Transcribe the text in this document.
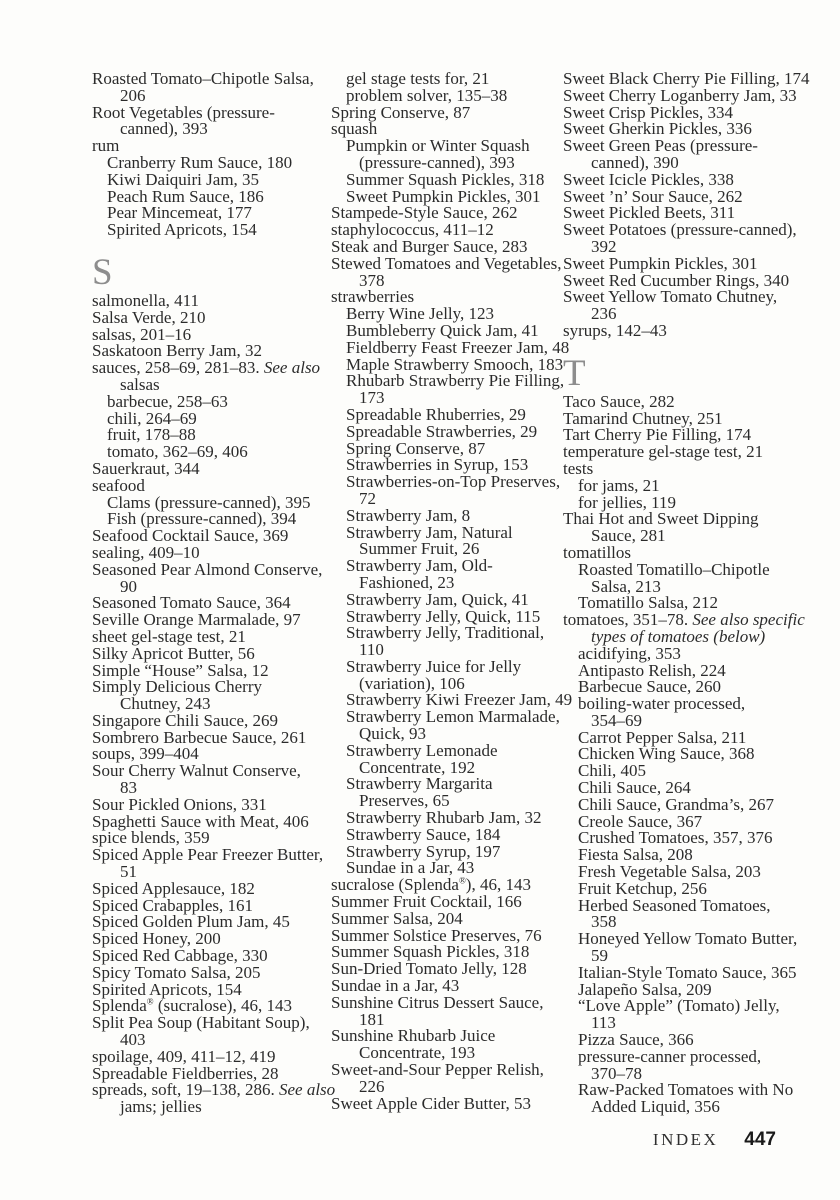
Roasted Tomato–Chipotle Salsa,
206
Root Vegetables (pressure-
canned), 393
rum
Cranberry Rum Sauce, 180
Kiwi Daiquiri Jam, 35
Peach Rum Sauce, 186
Pear Mincemeat, 177
Spirited Apricots, 154
S
salmonella, 411
Salsa Verde, 210
salsas, 201–16
Saskatoon Berry Jam, 32
sauces, 258–69, 281–83. See also
salsas
barbecue, 258–63
chili, 264–69
fruit, 178–88
tomato, 362–69, 406
Sauerkraut, 344
seafood
Clams (pressure-canned), 395
Fish (pressure-canned), 394
Seafood Cocktail Sauce, 369
sealing, 409–10
Seasoned Pear Almond Conserve,
90
Seasoned Tomato Sauce, 364
Seville Orange Marmalade, 97
sheet gel-stage test, 21
Silky Apricot Butter, 56
Simple “House” Salsa, 12
Simply Delicious Cherry
Chutney, 243
Singapore Chili Sauce, 269
Sombrero Barbecue Sauce, 261
soups, 399–404
Sour Cherry Walnut Conserve,
83
Sour Pickled Onions, 331
Spaghetti Sauce with Meat, 406
spice blends, 359
Spiced Apple Pear Freezer Butter,
51
Spiced Applesauce, 182
Spiced Crabapples, 161
Spiced Golden Plum Jam, 45
Spiced Honey, 200
Spiced Red Cabbage, 330
Spicy Tomato Salsa, 205
Spirited Apricots, 154
Splenda® (sucralose), 46, 143
Split Pea Soup (Habitant Soup),
403
spoilage, 409, 411–12, 419
Spreadable Fieldberries, 28
spreads, soft, 19–138, 286. See also
jams; jellies
gel stage tests for, 21
problem solver, 135–38
Spring Conserve, 87
squash
Pumpkin or Winter Squash
(pressure-canned), 393
Summer Squash Pickles, 318
Sweet Pumpkin Pickles, 301
Stampede-Style Sauce, 262
staphylococcus, 411–12
Steak and Burger Sauce, 283
Stewed Tomatoes and Vegetables,
378
strawberries
Berry Wine Jelly, 123
Bumbleberry Quick Jam, 41
Fieldberry Feast Freezer Jam, 48
Maple Strawberry Smooch, 183
Rhubarb Strawberry Pie Filling,
173
Spreadable Rhuberries, 29
Spreadable Strawberries, 29
Spring Conserve, 87
Strawberries in Syrup, 153
Strawberries-on-Top Preserves,
72
Strawberry Jam, 8
Strawberry Jam, Natural
Summer Fruit, 26
Strawberry Jam, Old-
Fashioned, 23
Strawberry Jam, Quick, 41
Strawberry Jelly, Quick, 115
Strawberry Jelly, Traditional,
110
Strawberry Juice for Jelly
(variation), 106
Strawberry Kiwi Freezer Jam, 49
Strawberry Lemon Marmalade,
Quick, 93
Strawberry Lemonade
Concentrate, 192
Strawberry Margarita
Preserves, 65
Strawberry Rhubarb Jam, 32
Strawberry Sauce, 184
Strawberry Syrup, 197
Sundae in a Jar, 43
sucralose (Splenda®), 46, 143
Summer Fruit Cocktail, 166
Summer Salsa, 204
Summer Solstice Preserves, 76
Summer Squash Pickles, 318
Sun-Dried Tomato Jelly, 128
Sundae in a Jar, 43
Sunshine Citrus Dessert Sauce,
181
Sunshine Rhubarb Juice
Concentrate, 193
Sweet-and-Sour Pepper Relish,
226
Sweet Apple Cider Butter, 53
Sweet Black Cherry Pie Filling, 174
Sweet Cherry Loganberry Jam, 33
Sweet Crisp Pickles, 334
Sweet Gherkin Pickles, 336
Sweet Green Peas (pressure-
canned), 390
Sweet Icicle Pickles, 338
Sweet ’n’ Sour Sauce, 262
Sweet Pickled Beets, 311
Sweet Potatoes (pressure-canned),
392
Sweet Pumpkin Pickles, 301
Sweet Red Cucumber Rings, 340
Sweet Yellow Tomato Chutney,
236
syrups, 142–43
T
Taco Sauce, 282
Tamarind Chutney, 251
Tart Cherry Pie Filling, 174
temperature gel-stage test, 21
tests
for jams, 21
for jellies, 119
Thai Hot and Sweet Dipping
Sauce, 281
tomatillos
Roasted Tomatillo–Chipotle
Salsa, 213
Tomatillo Salsa, 212
tomatoes, 351–78. See also specific
types of tomatoes (below)
acidifying, 353
Antipasto Relish, 224
Barbecue Sauce, 260
boiling-water processed,
354–69
Carrot Pepper Salsa, 211
Chicken Wing Sauce, 368
Chili, 405
Chili Sauce, 264
Chili Sauce, Grandma’s, 267
Creole Sauce, 367
Crushed Tomatoes, 357, 376
Fiesta Salsa, 208
Fresh Vegetable Salsa, 203
Fruit Ketchup, 256
Herbed Seasoned Tomatoes,
358
Honeyed Yellow Tomato Butter,
59
Italian-Style Tomato Sauce, 365
Jalapeño Salsa, 209
“Love Apple” (Tomato) Jelly,
113
Pizza Sauce, 366
pressure-canner processed,
370–78
Raw-Packed Tomatoes with No
Added Liquid, 356
INDEX 447
